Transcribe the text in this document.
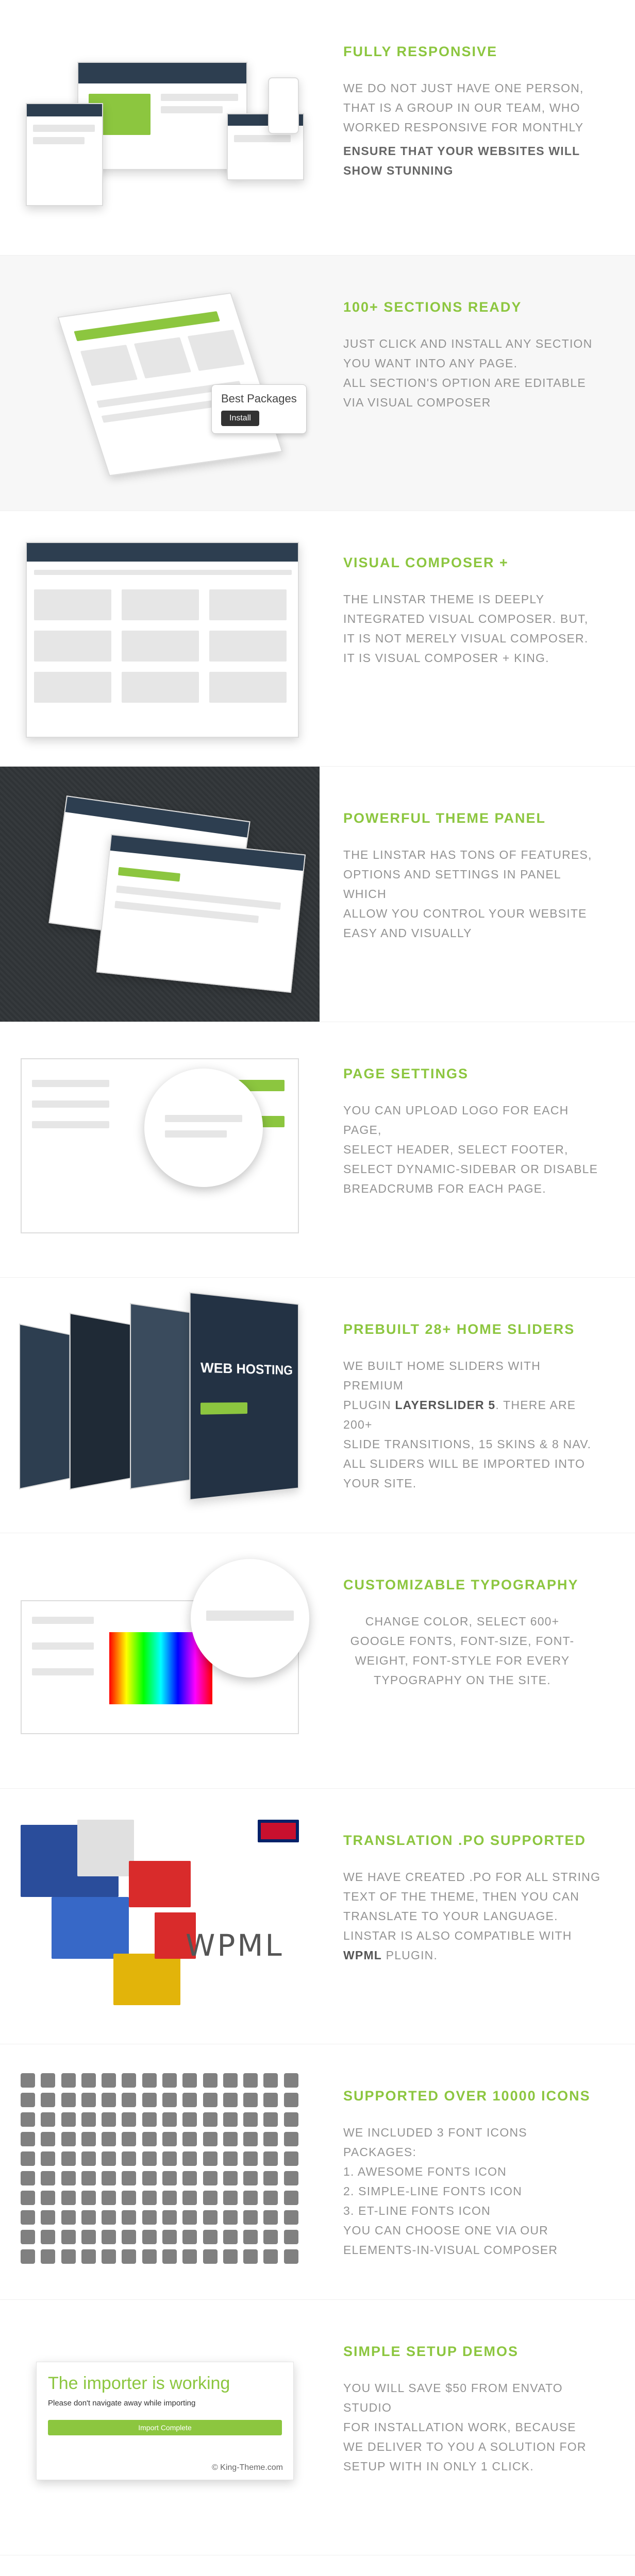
FULLY RESPONSIVE

WE DO NOT JUST HAVE ONE PERSON,

THAT IS A GROUP IN OUR TEAM, WHO

WORKED RESPONSIVE FOR MONTHLY

ENSURE THAT YOUR WEBSITES WILL SHOW STUNNING

Best Packages
Install
100+ SECTIONS READY

JUST CLICK AND INSTALL ANY SECTION

YOU WANT INTO ANY PAGE.

ALL SECTION'S OPTION ARE EDITABLE

VIA VISUAL COMPOSER

VISUAL COMPOSER +

THE LINSTAR THEME IS DEEPLY

INTEGRATED VISUAL COMPOSER. BUT,

IT IS NOT MERELY VISUAL COMPOSER.

IT IS VISUAL COMPOSER + KING.

POWERFUL THEME PANEL

THE LINSTAR HAS TONS OF FEATURES,

OPTIONS AND SETTINGS IN PANEL WHICH

ALLOW YOU CONTROL YOUR WEBSITE

EASY AND VISUALLY

PAGE SETTINGS

YOU CAN UPLOAD LOGO FOR EACH PAGE,

SELECT HEADER, SELECT FOOTER,

SELECT DYNAMIC-SIDEBAR OR DISABLE

BREADCRUMB FOR EACH PAGE.

WEB HOSTING
PREBUILT 28+ HOME SLIDERS

WE BUILT HOME SLIDERS WITH PREMIUM

PLUGIN LAYERSLIDER 5. THERE ARE 200+

SLIDE TRANSITIONS, 15 SKINS & 8 NAV.

ALL SLIDERS WILL BE IMPORTED INTO

YOUR SITE.

CUSTOMIZABLE TYPOGRAPHY

CHANGE COLOR, SELECT 600+

GOOGLE FONTS, FONT-SIZE, FONT-

WEIGHT, FONT-STYLE FOR EVERY

TYPOGRAPHY ON THE SITE.

WPML
TRANSLATION .PO SUPPORTED

WE HAVE CREATED .PO FOR ALL STRING

TEXT OF THE THEME, THEN YOU CAN

TRANSLATE TO YOUR LANGUAGE.

LINSTAR IS ALSO COMPATIBLE WITH

WPML PLUGIN.

SUPPORTED OVER 10000 ICONS

WE INCLUDED 3 FONT ICONS PACKAGES:

1. AWESOME FONTS ICON
2. SIMPLE-LINE FONTS ICON
3. ET-LINE FONTS ICON

YOU CAN CHOOSE ONE VIA OUR

ELEMENTS-IN-VISUAL COMPOSER

The importer is working
Please don't navigate away while importing
Import Complete
© King-Theme.com
SIMPLE SETUP DEMOS

YOU WILL SAVE $50 FROM ENVATO STUDIO

FOR INSTALLATION WORK, BECAUSE

WE DELIVER TO YOU A SOLUTION FOR

SETUP WITH IN ONLY 1 CLICK.
